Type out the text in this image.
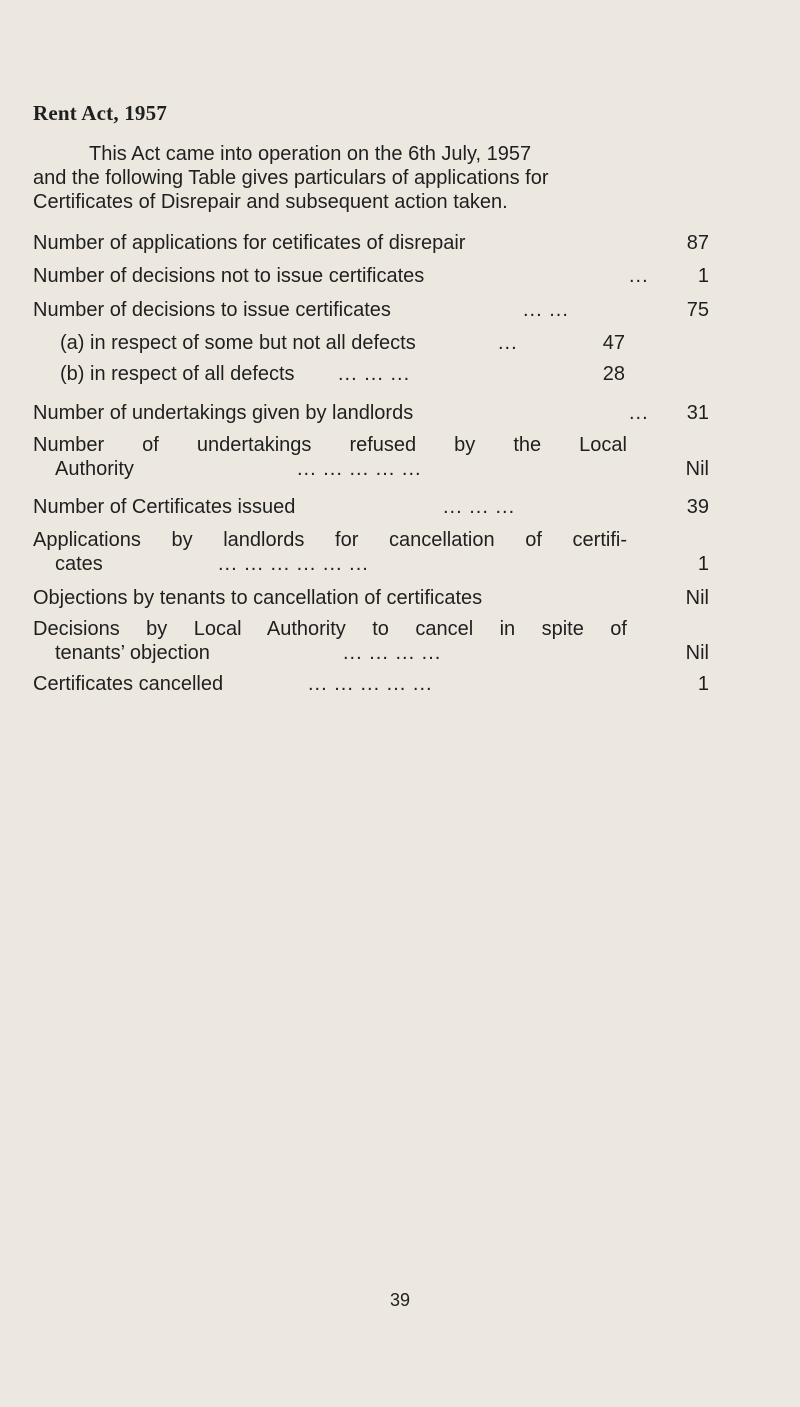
Rent Act, 1957
This Act came into operation on the 6th July, 1957
and the following Table gives particulars of applications for
Certificates of Disrepair and subsequent action taken.
Number of applications for cetificates of disrepair	87
Number of decisions not to issue certificates	...	1
Number of decisions to issue certificates	... ...	75
(a) in respect of some but not all defects	...	47
(b) in respect of all defects ... ... ...	28
Number of undertakings given by landlords	...	31
Number of undertakings refused by the Local
Authority	... ... ... ... ...	Nil
Number of Certificates issued	... ... ...	39
Applications by landlords for cancellation of certifi-
cates	... ... ... ... ... ...	1
Objections by tenants to cancellation of certificates	Nil
Decisions by Local Authority to cancel in spite of
tenants’ objection	... ... ... ...	Nil
Certificates cancelled	... ... ... ... ...	1
39
